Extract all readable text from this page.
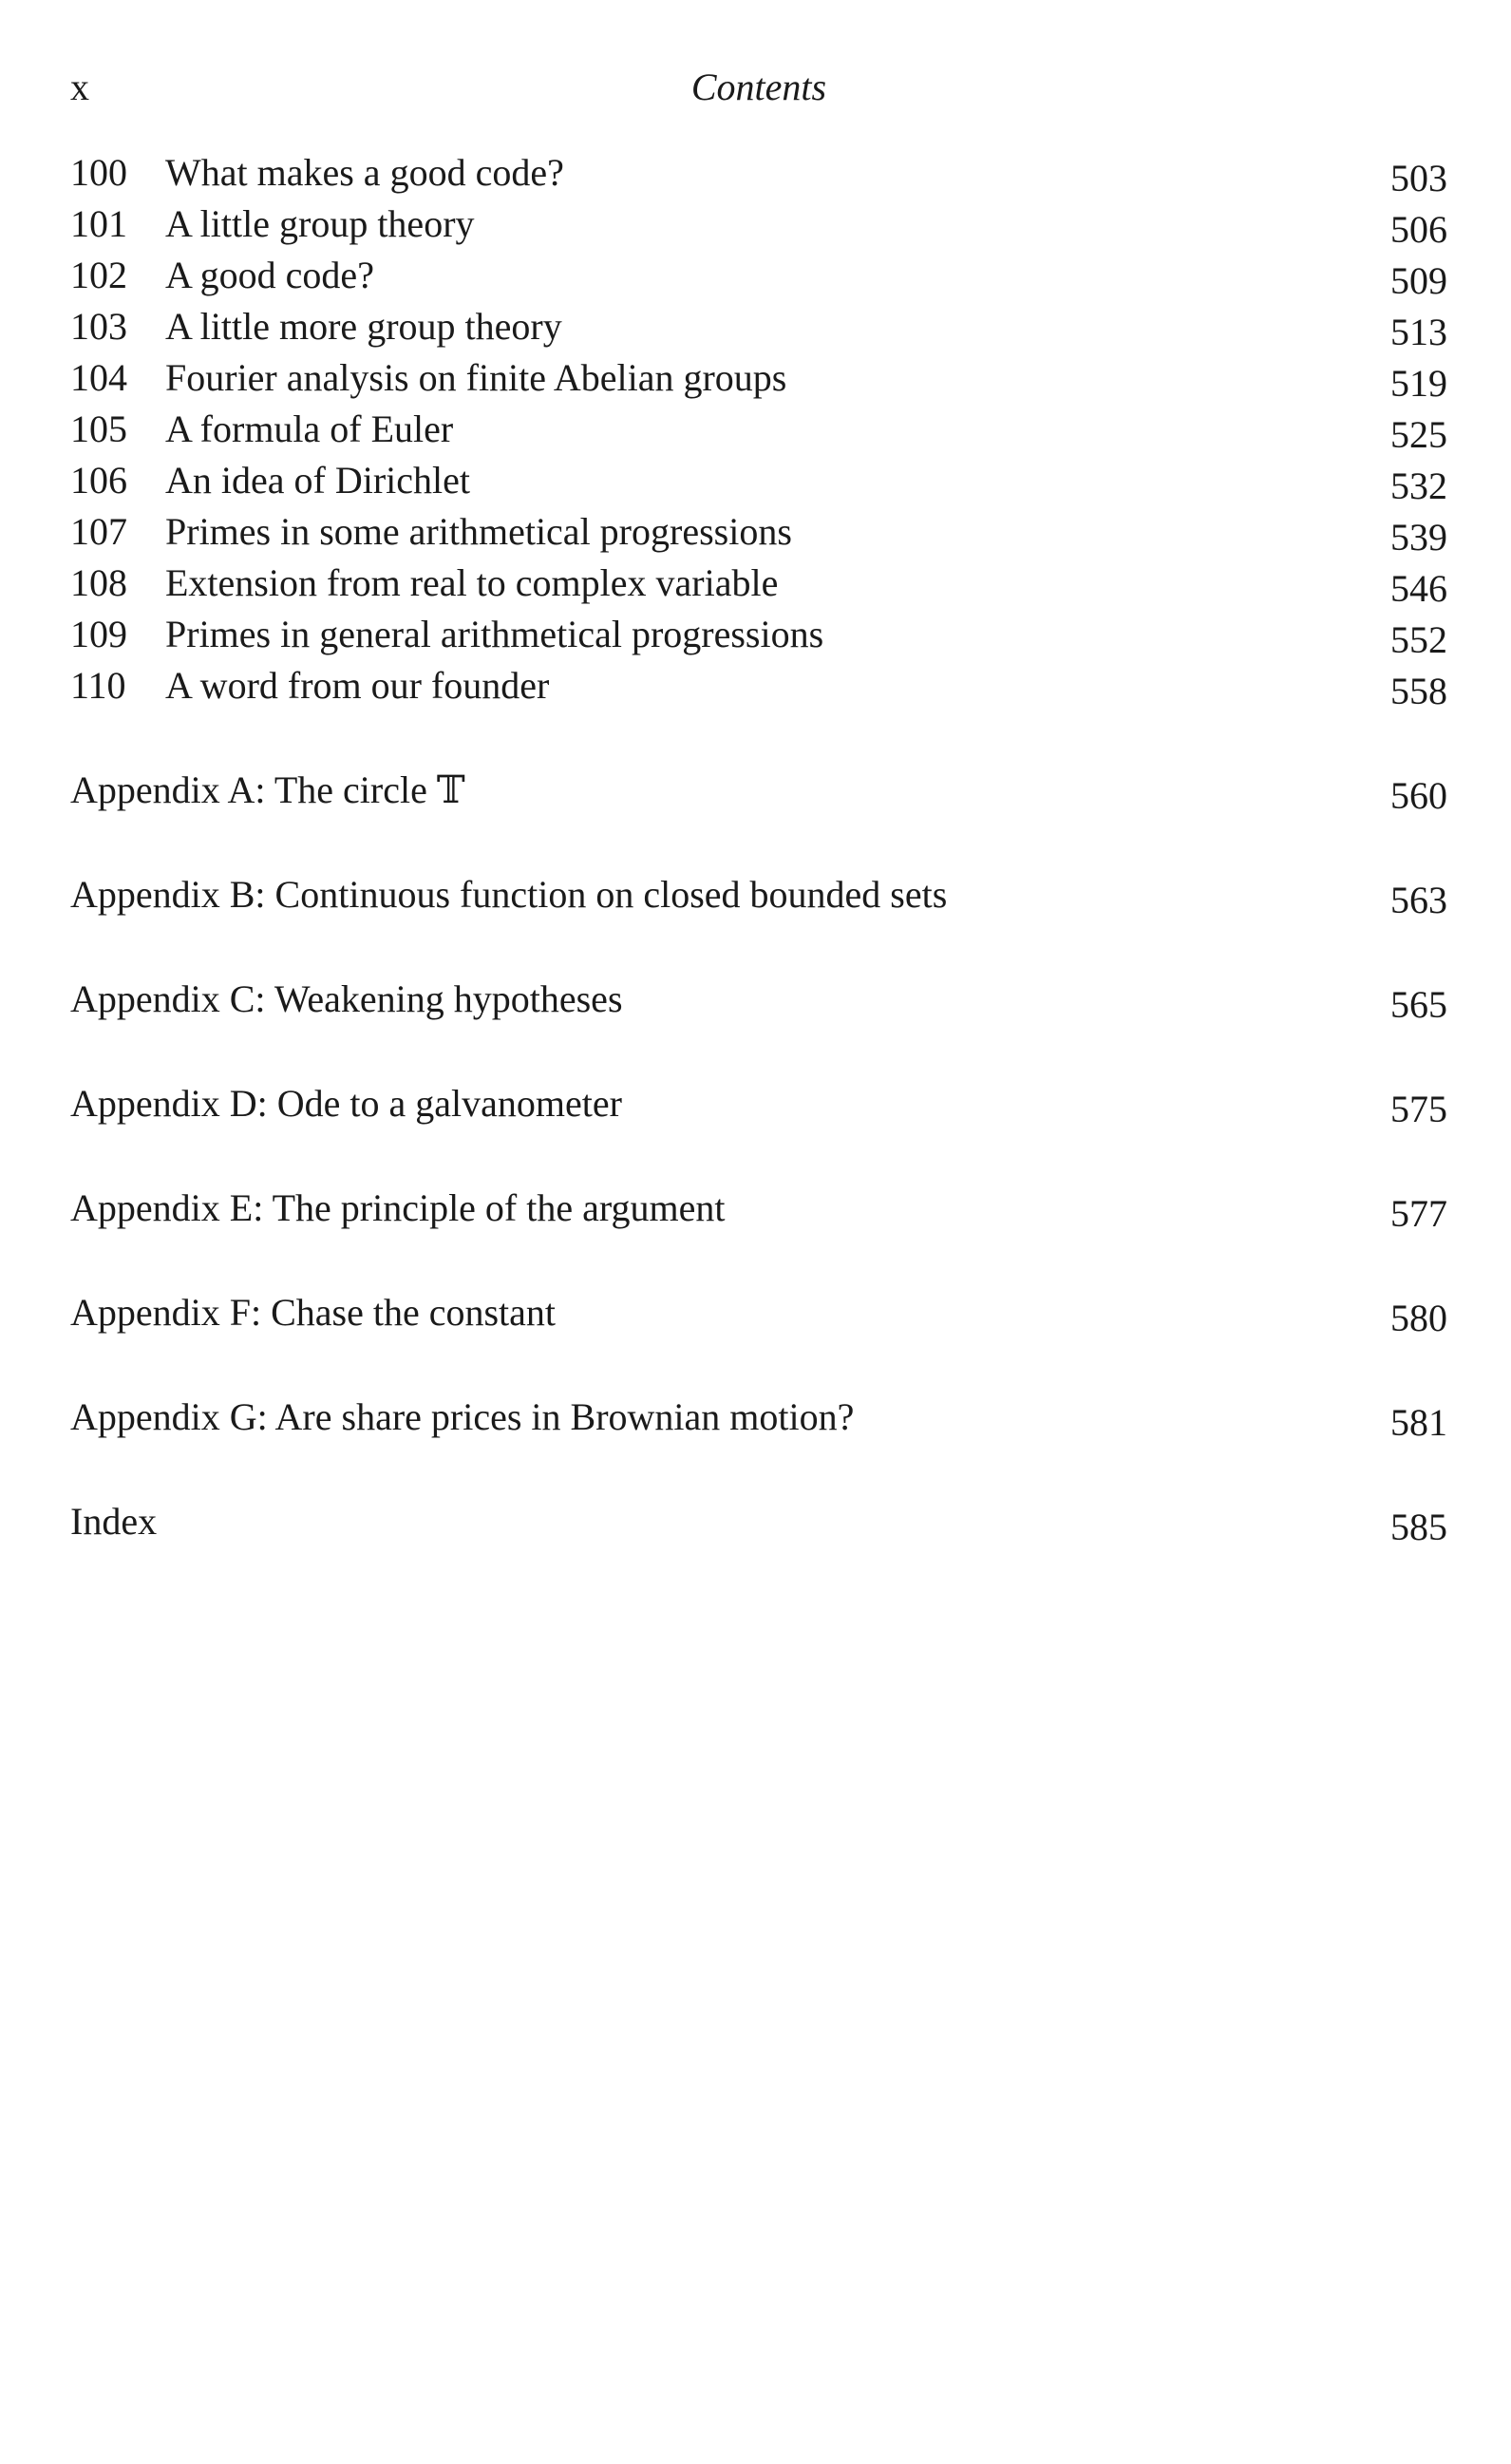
x	Contents
100 What makes a good code?	503
101 A little group theory	506
102 A good code?	509
103 A little more group theory	513
104 Fourier analysis on finite Abelian groups	519
105 A formula of Euler	525
106 An idea of Dirichlet	532
107 Primes in some arithmetical progressions	539
108 Extension from real to complex variable	546
109 Primes in general arithmetical progressions	552
110 A word from our founder	558
Appendix A: The circle 𝕋	560
Appendix B: Continuous function on closed bounded sets	563
Appendix C: Weakening hypotheses	565
Appendix D: Ode to a galvanometer	575
Appendix E: The principle of the argument	577
Appendix F: Chase the constant	580
Appendix G: Are share prices in Brownian motion?	581
Index	585
